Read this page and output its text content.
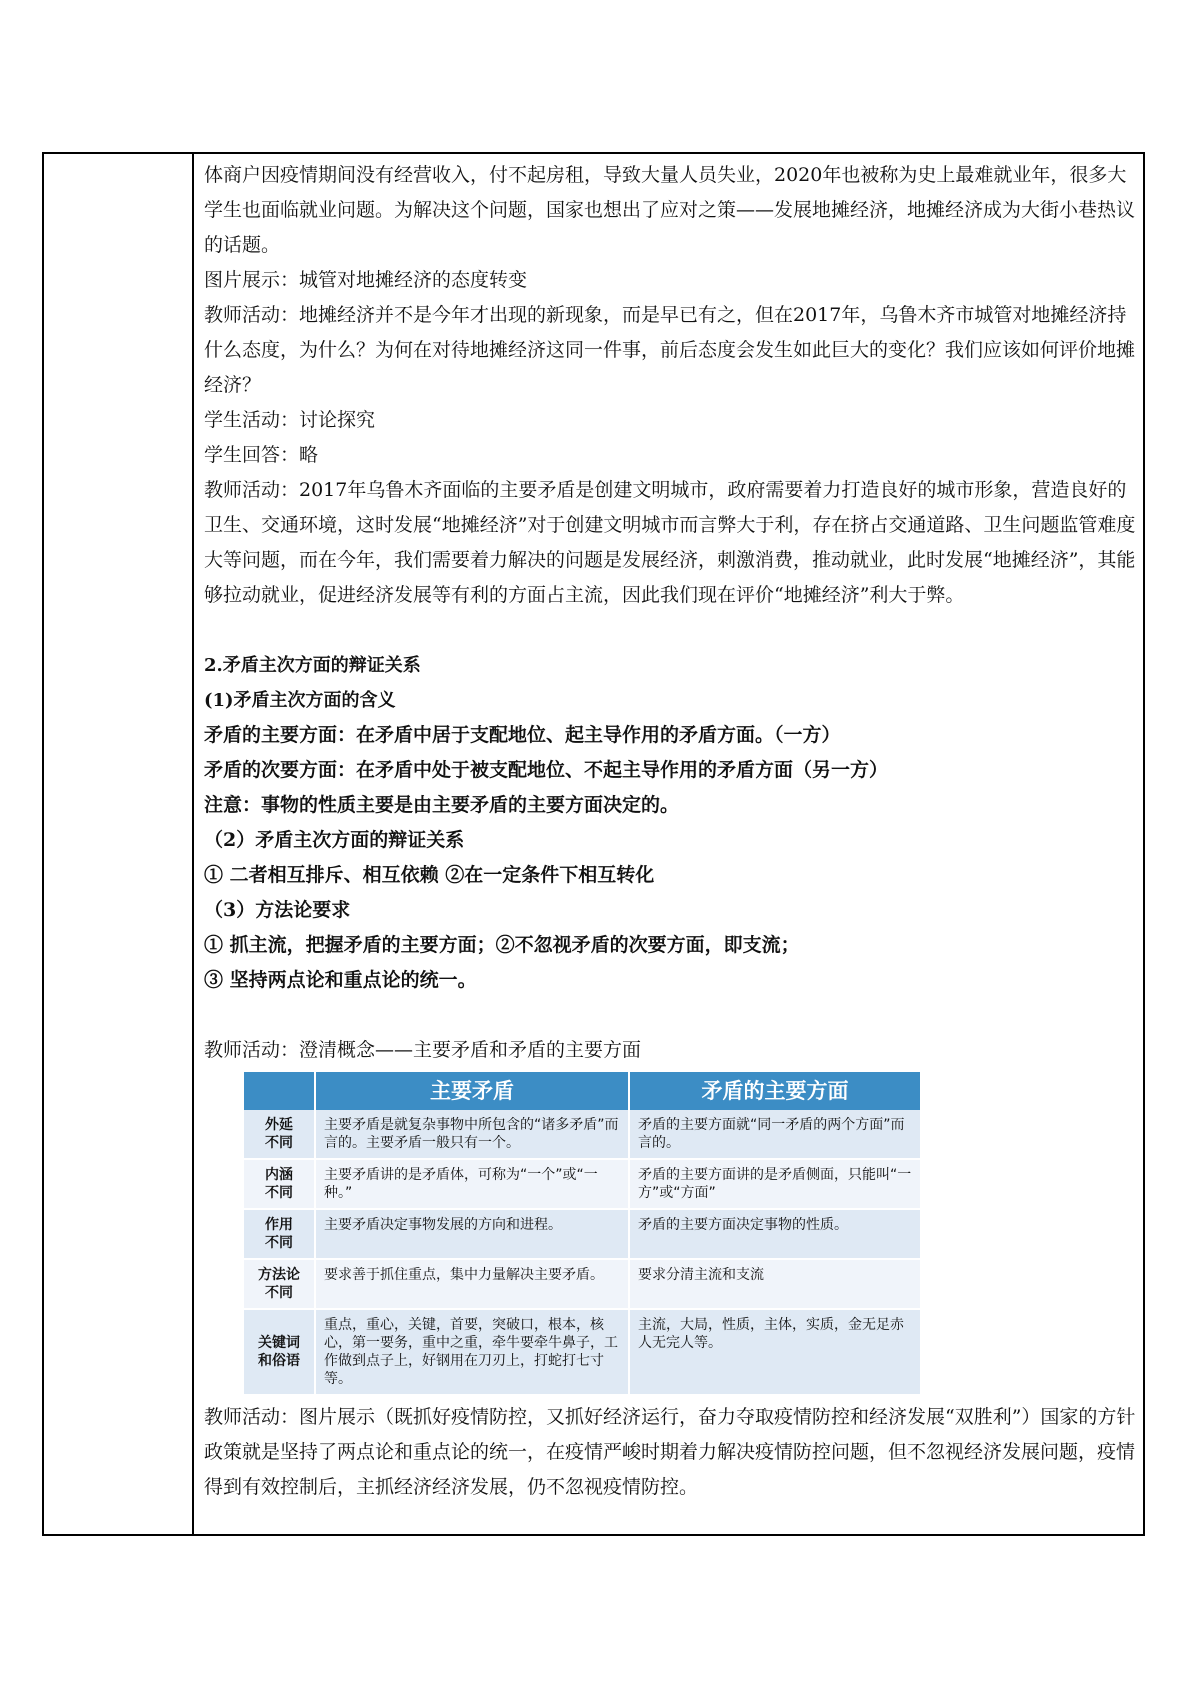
体商户因疫情期间没有经营收入，付不起房租，导致大量人员失业，2020年也被称为史上最难就业年，很多大学生也面临就业问题。为解决这个问题，国家也想出了应对之策——发展地摊经济，地摊经济成为大街小巷热议的话题。

图片展示：城管对地摊经济的态度转变

教师活动：地摊经济并不是今年才出现的新现象，而是早已有之，但在2017年，乌鲁木齐市城管对地摊经济持什么态度，为什么？为何在对待地摊经济这同一件事，前后态度会发生如此巨大的变化？我们应该如何评价地摊经济？

学生活动：讨论探究

学生回答：略

教师活动：2017年乌鲁木齐面临的主要矛盾是创建文明城市，政府需要着力打造良好的城市形象，营造良好的卫生、交通环境，这时发展“地摊经济”对于创建文明城市而言弊大于利，存在挤占交通道路、卫生问题监管难度大等问题，而在今年，我们需要着力解决的问题是发展经济，刺激消费，推动就业，此时发展“地摊经济”，其能够拉动就业，促进经济发展等有利的方面占主流，因此我们现在评价“地摊经济”利大于弊。

2.矛盾主次方面的辩证关系

(1)矛盾主次方面的含义

矛盾的主要方面：在矛盾中居于支配地位、起主导作用的矛盾方面。（一方）

矛盾的次要方面：在矛盾中处于被支配地位、不起主导作用的矛盾方面（另一方）

注意：事物的性质主要是由主要矛盾的主要方面决定的。

（2）矛盾主次方面的辩证关系

① 二者相互排斥、相互依赖 ②在一定条件下相互转化

（3）方法论要求

① 抓主流，把握矛盾的主要方面；②不忽视矛盾的次要方面，即支流；

③ 坚持两点论和重点论的统一。

教师活动：澄清概念——主要矛盾和矛盾的主要方面

	主要矛盾	矛盾的主要方面
外延
不同	主要矛盾是就复杂事物中所包含的“诸多矛盾”而言的。主要矛盾一般只有一个。	矛盾的主要方面就“同一矛盾的两个方面”而言的。
内涵
不同	主要矛盾讲的是矛盾体，可称为“一个”或“一种。”	矛盾的主要方面讲的是矛盾侧面，只能叫“一方”或“方面”
作用
不同	主要矛盾决定事物发展的方向和进程。	矛盾的主要方面决定事物的性质。
方法论
不同	要求善于抓住重点，集中力量解决主要矛盾。	要求分清主流和支流
关键词
和俗语	重点，重心，关键，首要，突破口，根本，核心，第一要务，重中之重，牵牛要牵牛鼻子，工作做到点子上，好钢用在刀刃上，打蛇打七寸等。	主流，大局，性质，主体，实质，金无足赤人无完人等。

教师活动：图片展示（既抓好疫情防控，又抓好经济运行，奋力夺取疫情防控和经济发展“双胜利”）国家的方针政策就是坚持了两点论和重点论的统一，在疫情严峻时期着力解决疫情防控问题，但不忽视经济发展问题，疫情得到有效控制后，主抓经济经济发展，仍不忽视疫情防控。
